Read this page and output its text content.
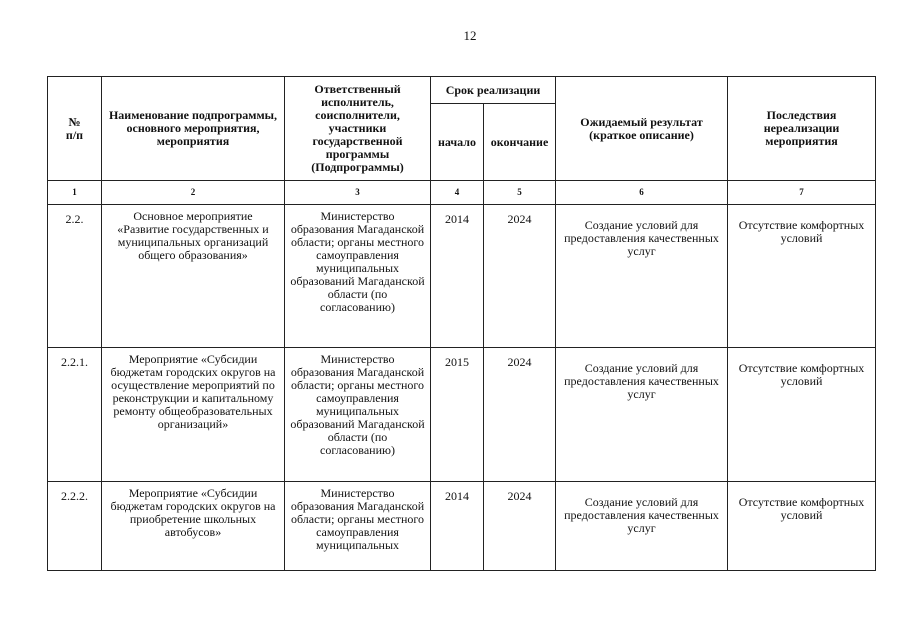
12
№
п/п	Наименование подпрограммы, основного мероприятия, мероприятия	Ответственный исполнитель, соисполнители, участники государственной программы (Подпрограммы)	Срок реализации		Ожидаемый результат (краткое описание)	Последствия нереализации мероприятия
			начало	окончание		
1	2	3	4	5	6	7

2.2.	Основное мероприятие «Развитие государственных и муниципальных организаций общего образования»	Министерство образования Магаданской области; органы местного самоуправления муниципальных образований Магаданской области (по согласованию)	2014	2024	Создание условий для предоставления качественных услуг	Отсутствие комфортных условий

2.2.1.	Мероприятие «Субсидии бюджетам городских округов на осуществление мероприятий по реконструкции и капитальному ремонту общеобразовательных организаций»	Министерство образования Магаданской области; органы местного самоуправления муниципальных образований Магаданской области (по согласованию)	2015	2024	Создание условий для предоставления качественных услуг	Отсутствие комфортных условий

2.2.2.	Мероприятие «Субсидии бюджетам городских округов на приобретение школьных автобусов»	Министерство образования Магаданской области; органы местного самоуправления муниципальных	2014	2024	Создание условий для предоставления качественных услуг	Отсутствие комфортных условий
